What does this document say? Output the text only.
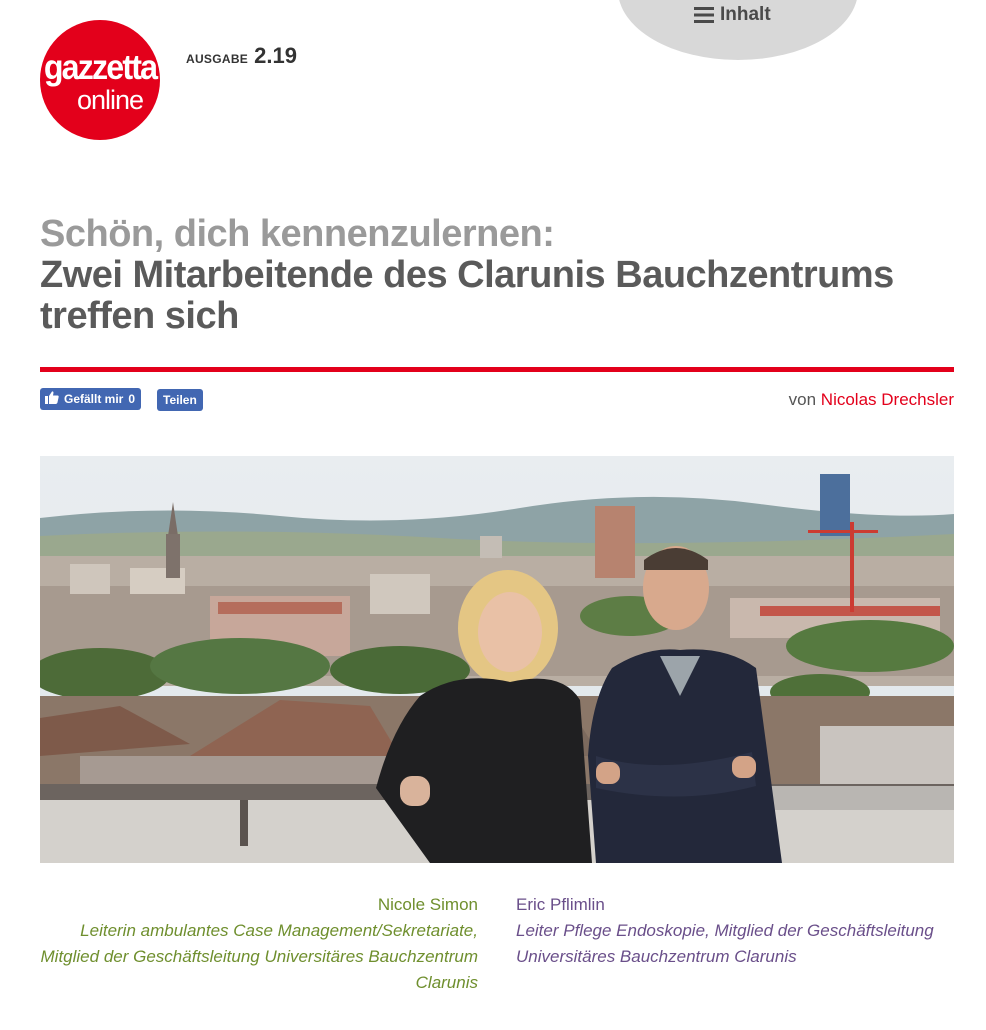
Inhalt
gazzetta
online
AUSGABE 2.19
Schön, dich kennenzulernen:
Zwei Mitarbeitende des Clarunis Bauchzentrums treffen sich
Gefällt mir 0 Teilen	von Nicolas Drechsler
Nicole Simon
Leiterin ambulantes Case Management/Sekretariate, Mitglied der Geschäftsleitung Universitäres Bauchzentrum Clarunis
Eric Pflimlin
Leiter Pflege Endoskopie, Mitglied der Geschäftsleitung Universitäres Bauchzentrum Clarunis
